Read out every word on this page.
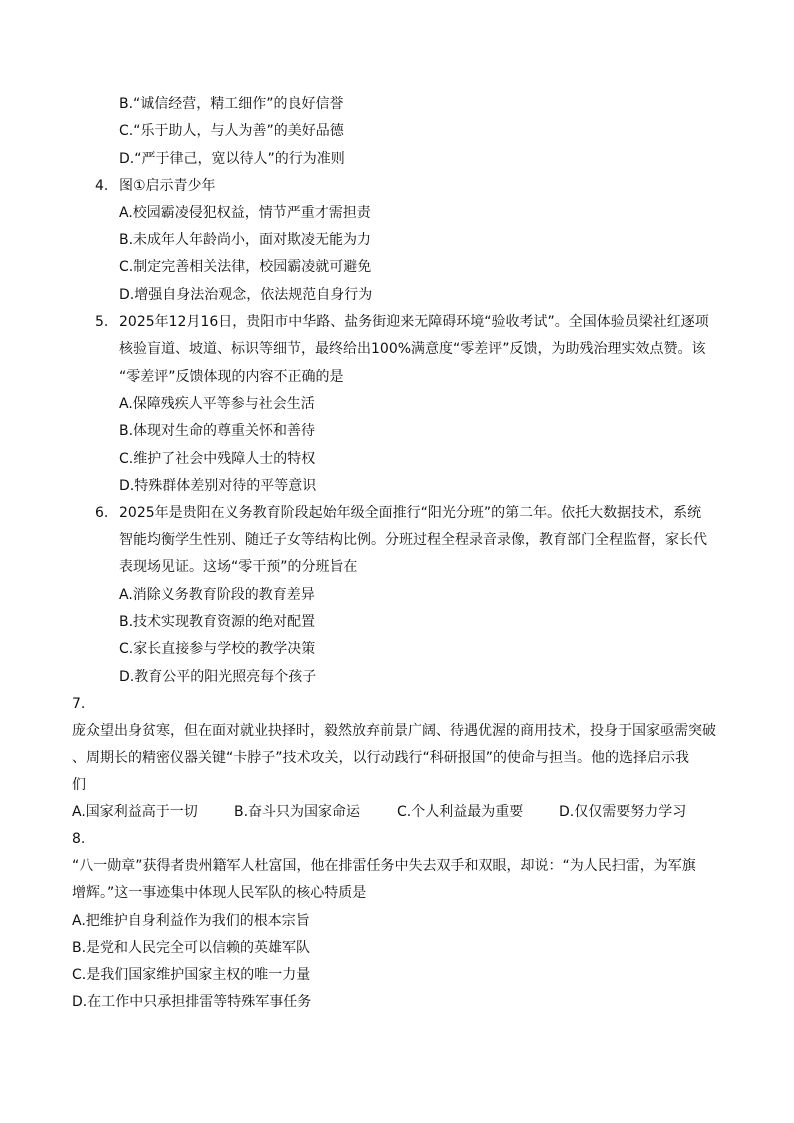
B.“诚信经营，精工细作”的良好信誉
C.“乐于助人，与人为善”的美好品德
D.“严于律己，宽以待人”的行为准则
4. 图①启示青少年
A.校园霸凌侵犯权益，情节严重才需担责
B.未成年人年龄尚小，面对欺凌无能为力
C.制定完善相关法律，校园霸凌就可避免
D.增强自身法治观念，依法规范自身行为
5. 2025年12月16日，贵阳市中华路、盐务街迎来无障碍环境“验收考试”。全国体验员梁社红逐项
核验盲道、坡道、标识等细节，最终给出100%满意度“零差评”反馈，为助残治理实效点赞。该
“零差评”反馈体现的内容不正确的是
A.保障残疾人平等参与社会生活
B.体现对生命的尊重关怀和善待
C.维护了社会中残障人士的特权
D.特殊群体差别对待的平等意识
6. 2025年是贵阳在义务教育阶段起始年级全面推行“阳光分班”的第二年。依托大数据技术，系统
智能均衡学生性别、随迁子女等结构比例。分班过程全程录音录像，教育部门全程监督，家长代
表现场见证。这场“零干预”的分班旨在
A.消除义务教育阶段的教育差异
B.技术实现教育资源的绝对配置
C.家长直接参与学校的教学决策
D.教育公平的阳光照亮每个孩子
7.
庞众望出身贫寒，但在面对就业抉择时，毅然放弃前景广阔、待遇优渥的商用技术，投身于国家亟需突破
、周期长的精密仪器关键“卡脖子”技术攻关，以行动践行“科研报国”的使命与担当。他的选择启示我
们
A.国家利益高于一切	B.奋斗只为国家命运	C.个人利益最为重要	D.仅仅需要努力学习
8.
“八一勋章”获得者贵州籍军人杜富国，他在排雷任务中失去双手和双眼，却说：“为人民扫雷，为军旗
增辉。”这一事迹集中体现人民军队的核心特质是
A.把维护自身利益作为我们的根本宗旨
B.是党和人民完全可以信赖的英雄军队
C.是我们国家维护国家主权的唯一力量
D.在工作中只承担排雷等特殊军事任务
